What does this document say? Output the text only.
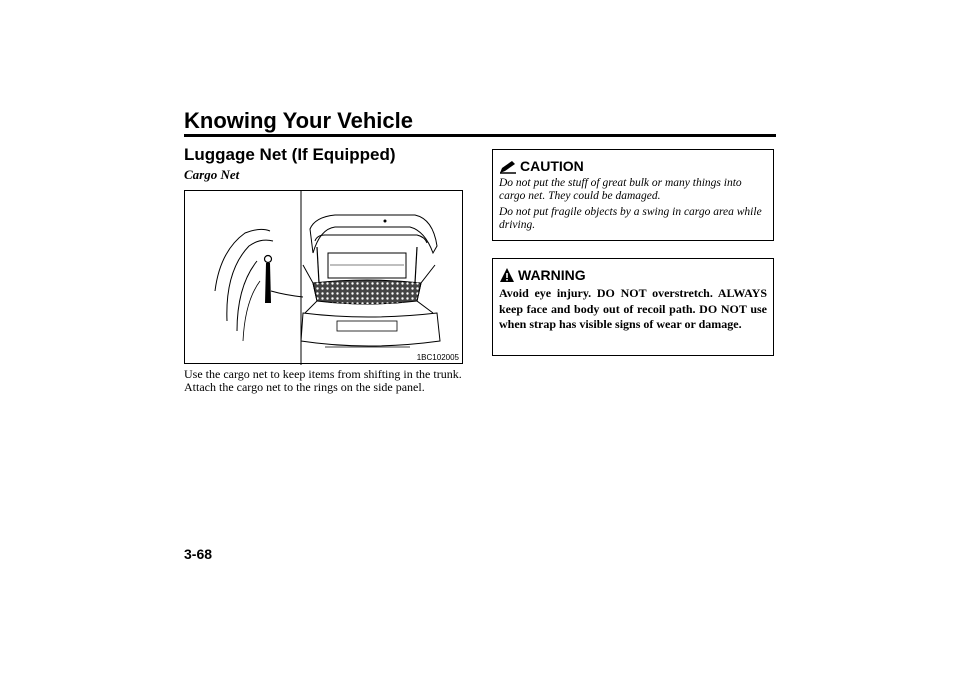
Knowing Your Vehicle
Luggage Net (If Equipped)
Cargo Net
1BC102005

Use the cargo net to keep items from shifting in the trunk. Attach the cargo net to the rings on the side panel.

CAUTION

Do not put the stuff of great bulk or many things into cargo net. They could be damaged.

Do not put fragile objects by a swing in cargo area while driving.

WARNING

Avoid eye injury. DO NOT overstretch. ALWAYS keep face and body out of recoil path. DO NOT use when strap has visible signs of wear or damage.

3-68
